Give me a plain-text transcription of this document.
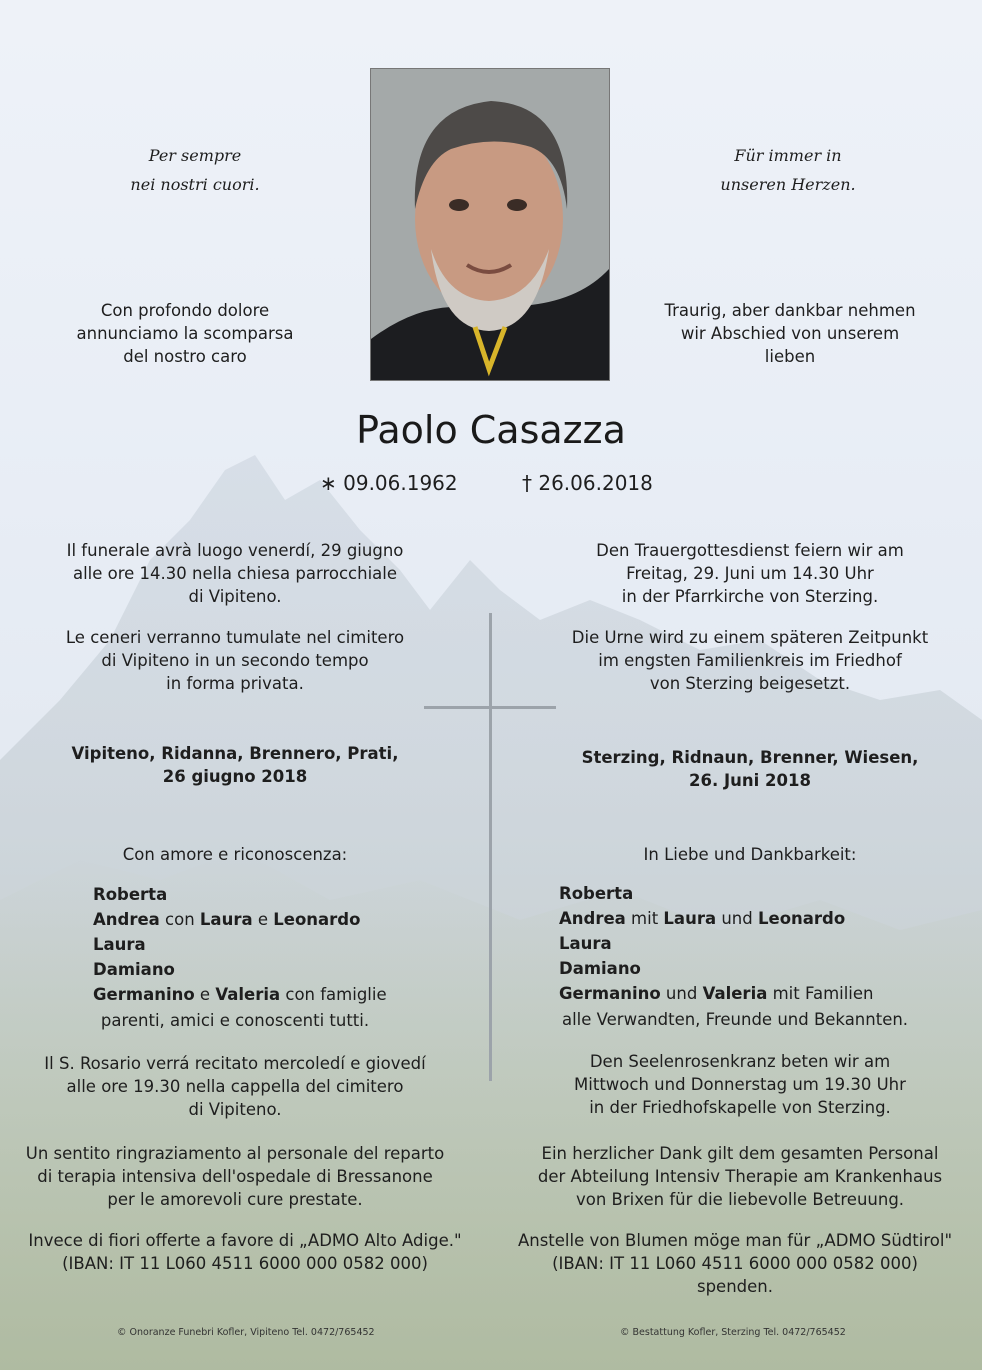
Per sempre
nei nostri cuori.
Für immer in
unseren Herzen.
Con profondo dolore
annunciamo la scomparsa
del nostro caro
Traurig, aber dankbar nehmen
wir Abschied von unserem
lieben
Paolo Casazza
∗ 09.06.1962	† 26.06.2018
Il funerale avrà luogo venerdí, 29 giugno
alle ore 14.30 nella chiesa parrocchiale
di Vipiteno.
Den Trauergottesdienst feiern wir am
Freitag, 29. Juni um 14.30 Uhr
in der Pfarrkirche von Sterzing.
Le ceneri verranno tumulate nel cimitero
di Vipiteno in un secondo tempo
in forma privata.
Die Urne wird zu einem späteren Zeitpunkt
im engsten Familienkreis im Friedhof
von Sterzing beigesetzt.
Vipiteno, Ridanna, Brennero, Prati,
26 giugno 2018
Sterzing, Ridnaun, Brenner, Wiesen,
26. Juni 2018
Con amore e riconoscenza:	In Liebe und Dankbarkeit:
Roberta
Andrea con Laura e Leonardo
Laura
Damiano
Germanino e Valeria con famiglie
parenti, amici e conoscenti tutti.
Roberta
Andrea mit Laura und Leonardo
Laura
Damiano
Germanino und Valeria mit Familien
alle Verwandten, Freunde und Bekannten.
Il S. Rosario verrá recitato mercoledí e giovedí
alle ore 19.30 nella cappella del cimitero
di Vipiteno.
Den Seelenrosenkranz beten wir am
Mittwoch und Donnerstag um 19.30 Uhr
in der Friedhofskapelle von Sterzing.
Un sentito ringraziamento al personale del reparto
di terapia intensiva dell'ospedale di Bressanone
per le amorevoli cure prestate.
Ein herzlicher Dank gilt dem gesamten Personal
der Abteilung Intensiv Therapie am Krankenhaus
von Brixen für die liebevolle Betreuung.
Invece di fiori offerte a favore di „ADMO Alto Adige."
(IBAN: IT 11 L060 4511 6000 000 0582 000)
Anstelle von Blumen möge man für „ADMO Südtirol"
(IBAN: IT 11 L060 4511 6000 000 0582 000)
spenden.
© Onoranze Funebri Kofler, Vipiteno Tel. 0472/765452	© Bestattung Kofler, Sterzing Tel. 0472/765452
